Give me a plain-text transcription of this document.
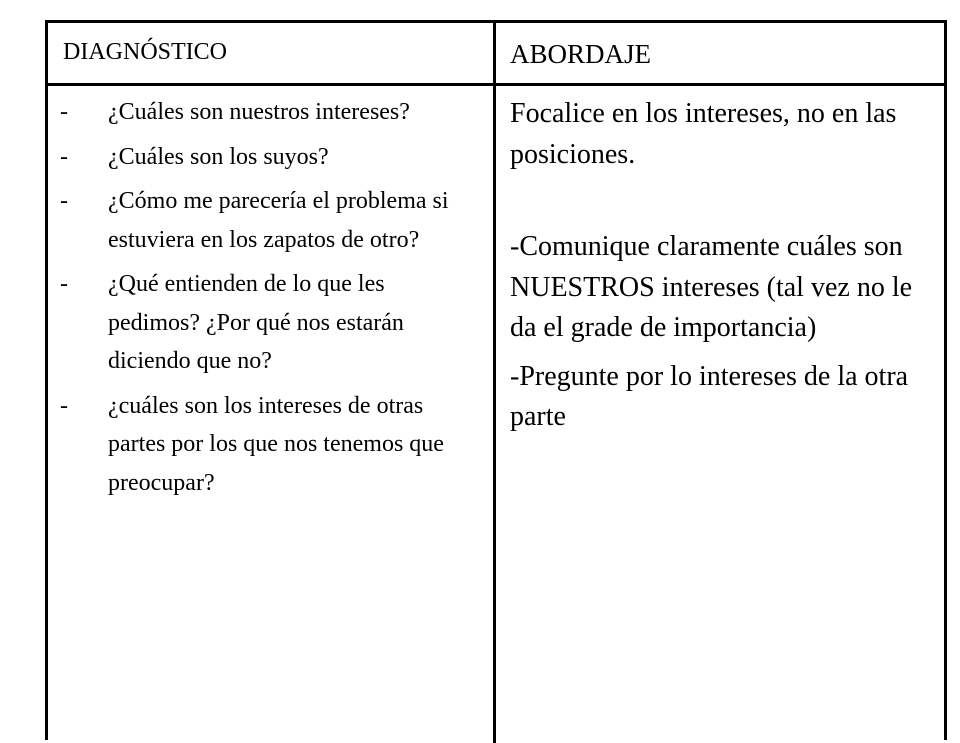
DIAGNÓSTICO	ABORDAJE
- ¿Cuáles son nuestros intereses?
- ¿Cuáles son los suyos?
- ¿Cómo me parecería el problema si estuviera en los zapatos de otro?
- ¿Qué entienden de lo que les pedimos? ¿Por qué nos estarán diciendo que no?
- ¿cuáles son los intereses de otras partes por los que nos tenemos que preocupar?

Focalice en los intereses, no en las posiciones.

-Comunique claramente cuáles son NUESTROS intereses (tal vez no le da el grade de importancia)

-Pregunte por lo intereses de la otra parte
